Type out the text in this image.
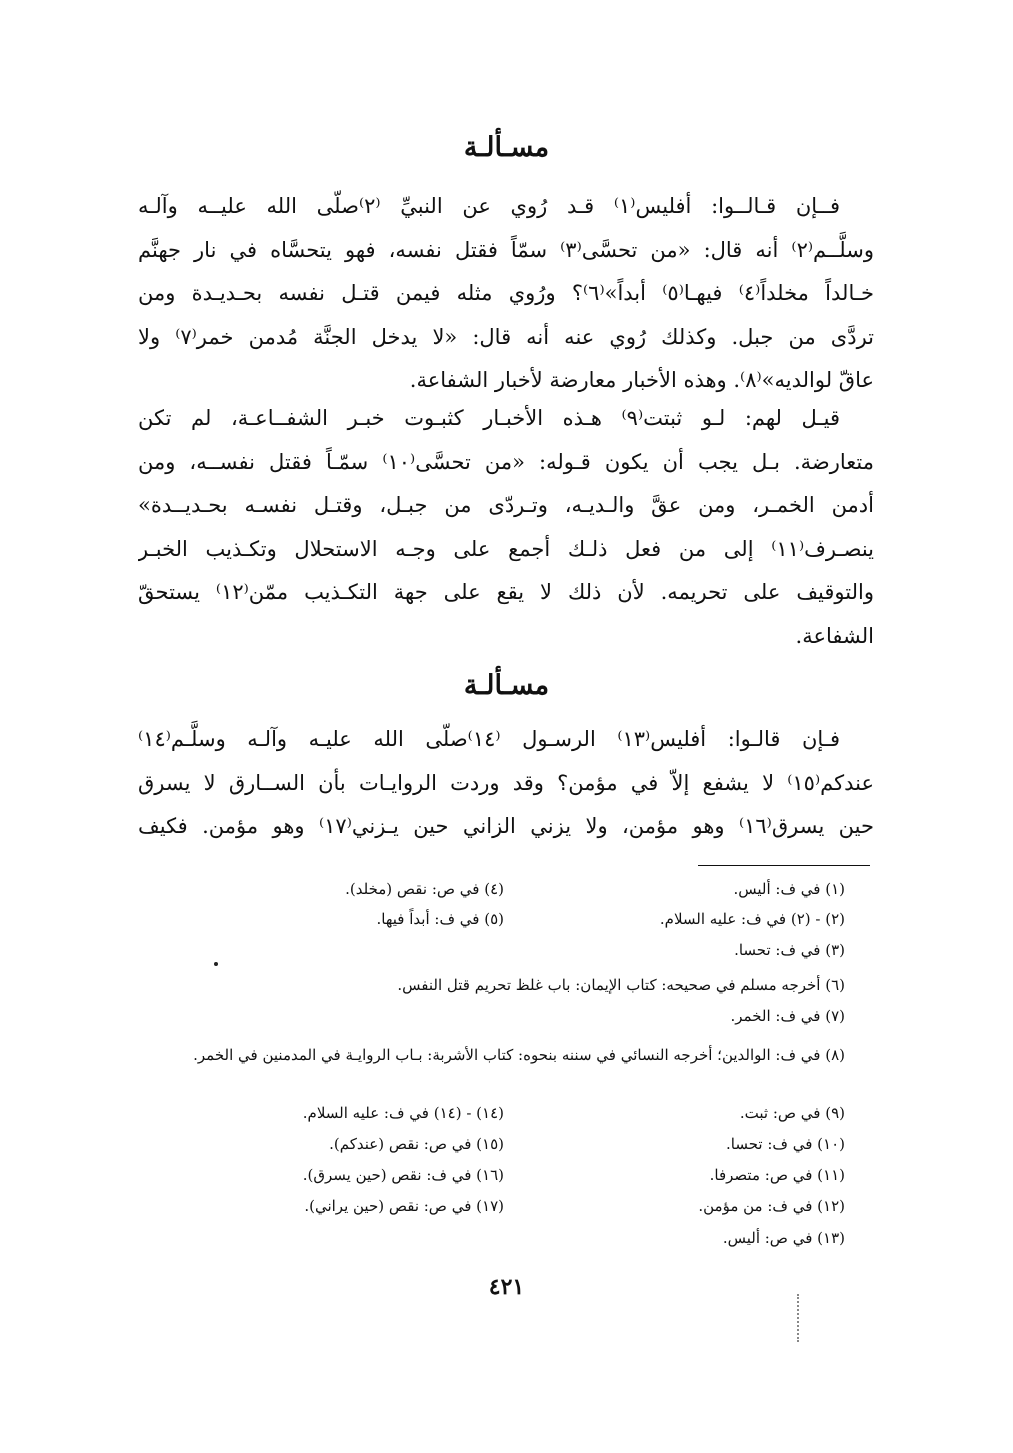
مسـألـة
فــإن قـالــوا: أفليس⁽١⁾ قـد رُوي عن النبيِّ ⁽٢⁾صلّى الله عليــه وآلـه
وسلَّــم⁽٢⁾ أنه قال: «من تحسَّى⁽٣⁾ سمّاً فقتل نفسه، فهو يتحسَّاه في نار جهنَّم
خـالداً مخلداً⁽٤⁾ فيهـا⁽٥⁾ أبداً»⁽٦⁾؟ ورُوي مثله فيمن قتـل نفسه بحـديـدة ومن
تردَّى من جبل. وكذلك رُوي عنه أنه قال: «لا يدخل الجنَّة مُدمن خمر⁽٧⁾ ولا
عاقّ لوالديه»⁽٨⁾. وهذه الأخبار معارضة لأخبار الشفاعة.
قيـل لهم: لـو ثبتت⁽٩⁾ هـذه الأخبـار كثبـوت خبـر الشفــاعـة، لم تكن
متعارضة. بـل يجب أن يكون قـوله: «من تحسَّى⁽١٠⁾ سمّـاً فقتل نفســه، ومن
أدمن الخمـر، ومن عقَّ والـديـه، وتـردّى من جبـل، وقتـل نفسـه بحـديــدة»
ينصـرف⁽١١⁾ إلى من فعل ذلـك أجمع على وجـه الاستحلال وتكـذيب الخبـر
والتوقيف على تحريمه. لأن ذلك لا يقع على جهة التكـذيب ممّن⁽١٢⁾ يستحقّ
الشفاعة.
مسـألـة
فـإن قالـوا: أفليس⁽١٣⁾ الرسـول ⁽١٤⁾صلّى الله عليـه وآلـه وسلَّـم⁽١٤⁾
عندكم⁽١٥⁾ لا يشفع إلاّ في مؤمن؟ وقد وردت الروايـات بأن الســارق لا يسرق
حين يسرق⁽١٦⁾ وهو مؤمن، ولا يزني الزاني حين يـزني⁽١٧⁾ وهو مؤمن. فكيف
(١) في ف: أليس.
(٤) في ص: نقص (مخلد).
(٢) - (٢) في ف: عليه السلام.
(٥) في ف: أبداً فيها.
(٣) في ف: تحسا.
(٦) أخرجه مسلم في صحيحه: كتاب الإيمان: باب غلظ تحريم قتل النفس.
(٧) في ف: الخمر.
(٨) في ف: الوالدين؛ أخرجه النسائي في سننه بنحوه: كتاب الأشربة: بـاب الروايـة في المدمنين في الخمر.
(٩) في ص: ثبت.
(١٤) - (١٤) في ف: عليه السلام.
(١٠) في ف: تحسا.
(١٥) في ص: نقص (عندكم).
(١١) في ص: متصرفا.
(١٦) في ف: نقص (حين يسرق).
(١٢) في ف: من مؤمن.
(١٧) في ص: نقص (حين يراني).
(١٣) في ص: أليس.
٤٢١
